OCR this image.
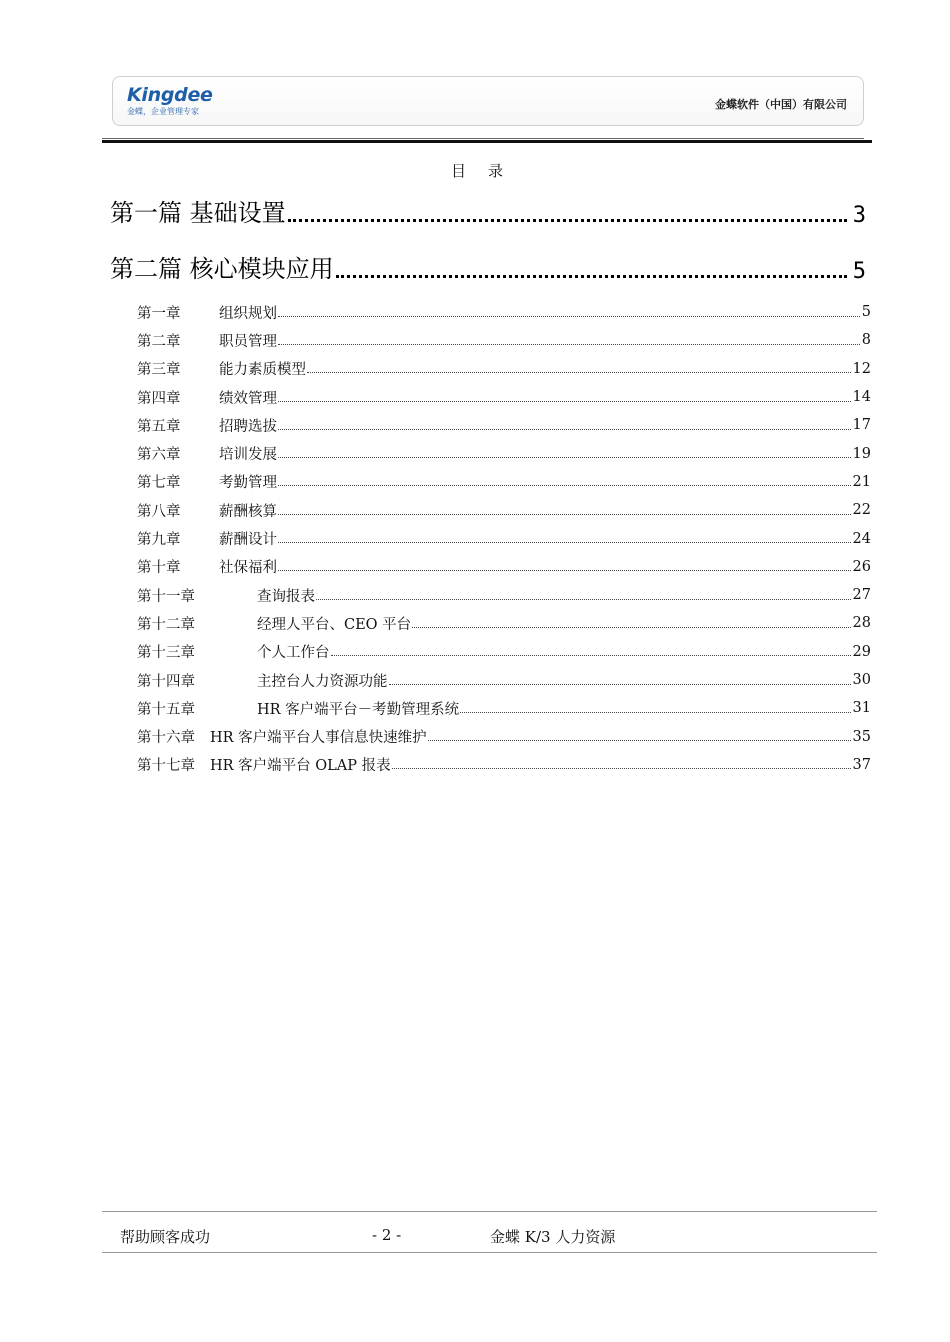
Kingdee
金蝶，企业管理专家
金蝶软件（中国）有限公司
目录
第一篇 基础设置	3
第二篇 核心模块应用	5
第一章	组织规划	5
第二章	职员管理	8
第三章	能力素质模型	12
第四章	绩效管理	14
第五章	招聘选拔	17
第六章	培训发展	19
第七章	考勤管理	21
第八章	薪酬核算	22
第九章	薪酬设计	24
第十章	社保福利	26
第十一章	查询报表	27
第十二章	经理人平台、CEO 平台	28
第十三章	个人工作台	29
第十四章	主控台人力资源功能	30
第十五章	HR 客户端平台－考勤管理系统	31
第十六章	HR 客户端平台人事信息快速维护	35
第十七章	HR 客户端平台 OLAP 报表	37
帮助顾客成功	- 2 -	金蝶 K/3 人力资源
